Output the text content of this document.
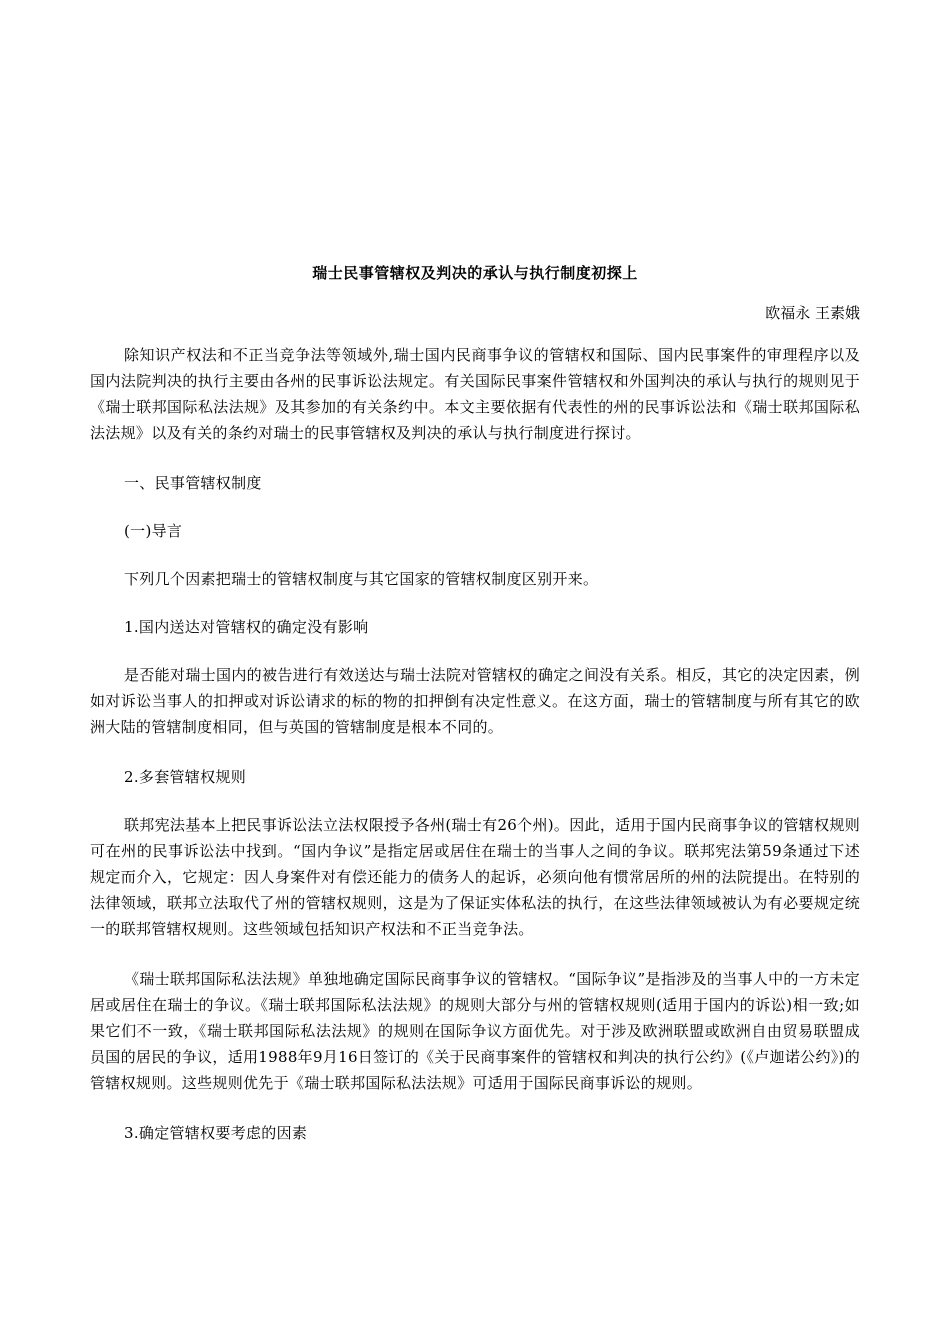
瑞士民事管辖权及判决的承认与执行制度初探上
欧福永 王素娥

除知识产权法和不正当竞争法等领域外,瑞士国内民商事争议的管辖权和国际、国内民事案件的审理程序以及国内法院判决的执行主要由各州的民事诉讼法规定。有关国际民事案件管辖权和外国判决的承认与执行的规则见于《瑞士联邦国际私法法规》及其参加的有关条约中。本文主要依据有代表性的州的民事诉讼法和《瑞士联邦国际私法法规》以及有关的条约对瑞士的民事管辖权及判决的承认与执行制度进行探讨。

一、民事管辖权制度

(一)导言

下列几个因素把瑞士的管辖权制度与其它国家的管辖权制度区别开来。

1.国内送达对管辖权的确定没有影响

是否能对瑞士国内的被告进行有效送达与瑞士法院对管辖权的确定之间没有关系。相反，其它的决定因素，例如对诉讼当事人的扣押或对诉讼请求的标的物的扣押倒有决定性意义。在这方面，瑞士的管辖制度与所有其它的欧洲大陆的管辖制度相同，但与英国的管辖制度是根本不同的。

2.多套管辖权规则

联邦宪法基本上把民事诉讼法立法权限授予各州(瑞士有26个州)。因此，适用于国内民商事争议的管辖权规则可在州的民事诉讼法中找到。“国内争议”是指定居或居住在瑞士的当事人之间的争议。联邦宪法第59条通过下述规定而介入，它规定：因人身案件对有偿还能力的债务人的起诉，必须向他有惯常居所的州的法院提出。在特别的法律领域，联邦立法取代了州的管辖权规则，这是为了保证实体私法的执行，在这些法律领域被认为有必要规定统一的联邦管辖权规则。这些领域包括知识产权法和不正当竞争法。

《瑞士联邦国际私法法规》单独地确定国际民商事争议的管辖权。“国际争议”是指涉及的当事人中的一方未定居或居住在瑞士的争议。《瑞士联邦国际私法法规》的规则大部分与州的管辖权规则(适用于国内的诉讼)相一致;如果它们不一致，《瑞士联邦国际私法法规》的规则在国际争议方面优先。对于涉及欧洲联盟或欧洲自由贸易联盟成员国的居民的争议，适用1988年9月16日签订的《关于民商事案件的管辖权和判决的执行公约》(《卢迦诺公约》)的管辖权规则。这些规则优先于《瑞士联邦国际私法法规》可适用于国际民商事诉讼的规则。

3.确定管辖权要考虑的因素
